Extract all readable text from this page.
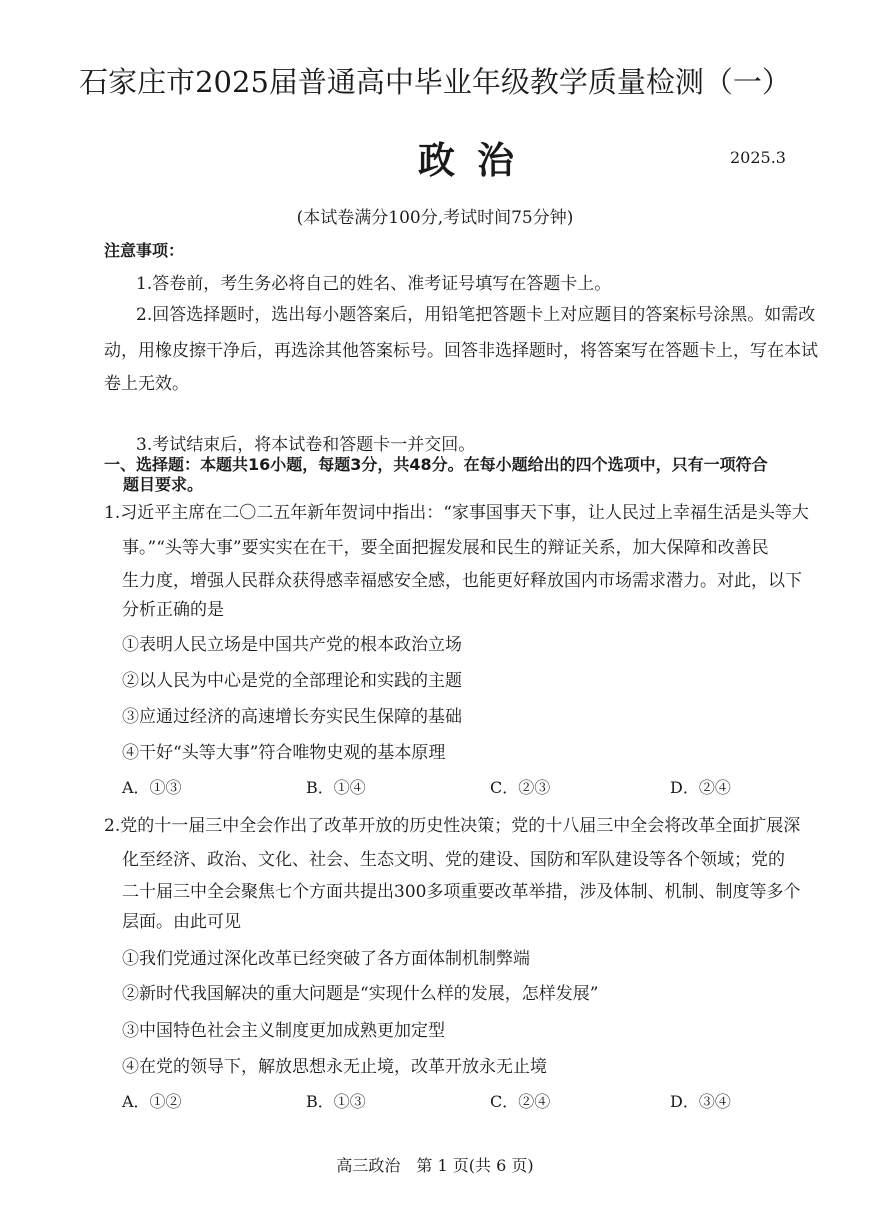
石家庄市2025届普通高中毕业年级教学质量检测（一）
政治	2025.3
(本试卷满分100分,考试时间75分钟)
注意事项：
1.答卷前，考生务必将自己的姓名、准考证号填写在答题卡上。
2.回答选择题时，选出每小题答案后，用铅笔把答题卡上对应题目的答案标号涂黑。如需改
动，用橡皮擦干净后，再选涂其他答案标号。回答非选择题时，将答案写在答题卡上，写在本试
卷上无效。
3.考试结束后，将本试卷和答题卡一并交回。
一、选择题：本题共16小题，每题3分，共48分。在每小题给出的四个选项中，只有一项符合
题目要求。
1.习近平主席在二〇二五年新年贺词中指出：“家事国事天下事，让人民过上幸福生活是头等大
事。”“头等大事”要实实在在干，要全面把握发展和民生的辩证关系，加大保障和改善民
生力度，增强人民群众获得感幸福感安全感，也能更好释放国内市场需求潜力。对此，以下
分析正确的是
①表明人民立场是中国共产党的根本政治立场
②以人民为中心是党的全部理论和实践的主题
③应通过经济的高速增长夯实民生保障的基础
④干好“头等大事”符合唯物史观的基本原理
A．①③	B．①④	C．②③	D．②④
2.党的十一届三中全会作出了改革开放的历史性决策；党的十八届三中全会将改革全面扩展深
化至经济、政治、文化、社会、生态文明、党的建设、国防和军队建设等各个领域；党的
二十届三中全会聚焦七个方面共提出300多项重要改革举措，涉及体制、机制、制度等多个
层面。由此可见
①我们党通过深化改革已经突破了各方面体制机制弊端
②新时代我国解决的重大问题是“实现什么样的发展，怎样发展”
③中国特色社会主义制度更加成熟更加定型
④在党的领导下，解放思想永无止境，改革开放永无止境
A．①②	B．①③	C．②④	D．③④
高三政治　第 1 页(共 6 页)
